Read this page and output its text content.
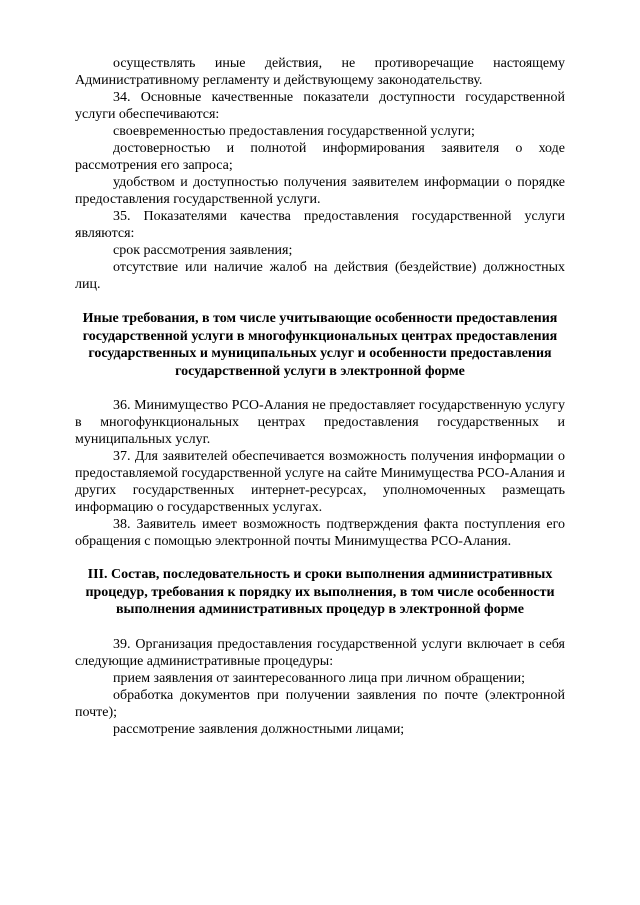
осуществлять иные действия, не противоречащие настоящему Административному регламенту и действующему законодательству.

34. Основные качественные показатели доступности государственной услуги обеспечиваются:

своевременностью предоставления государственной услуги;

достоверностью и полнотой информирования заявителя о ходе рассмотрения его запроса;

удобством и доступностью получения заявителем информации о порядке предоставления государственной услуги.

35. Показателями качества предоставления государственной услуги являются:

срок рассмотрения заявления;

отсутствие или наличие жалоб на действия (бездействие) должностных лиц.

Иные требования, в том числе учитывающие особенности предоставления государственной услуги в многофункциональных центрах предоставления государственных и муниципальных услуг и особенности предоставления государственной услуги в электронной форме

36. Минимущество РСО-Алания не предоставляет государственную услугу в многофункциональных центрах предоставления государственных и муниципальных услуг.

37. Для заявителей обеспечивается возможность получения информации о предоставляемой государственной услуге на сайте Минимущества РСО-Алания и других государственных интернет-ресурсах, уполномоченных размещать информацию о государственных услугах.

38. Заявитель имеет возможность подтверждения факта поступления его обращения с помощью электронной почты Минимущества РСО-Алания.

III. Состав, последовательность и сроки выполнения административных процедур, требования к порядку их выполнения, в том числе особенности выполнения административных процедур в электронной форме

39. Организация предоставления государственной услуги включает в себя следующие административные процедуры:

прием заявления от заинтересованного лица при личном обращении;

обработка документов при получении заявления по почте (электронной почте);

рассмотрение заявления должностными лицами;
